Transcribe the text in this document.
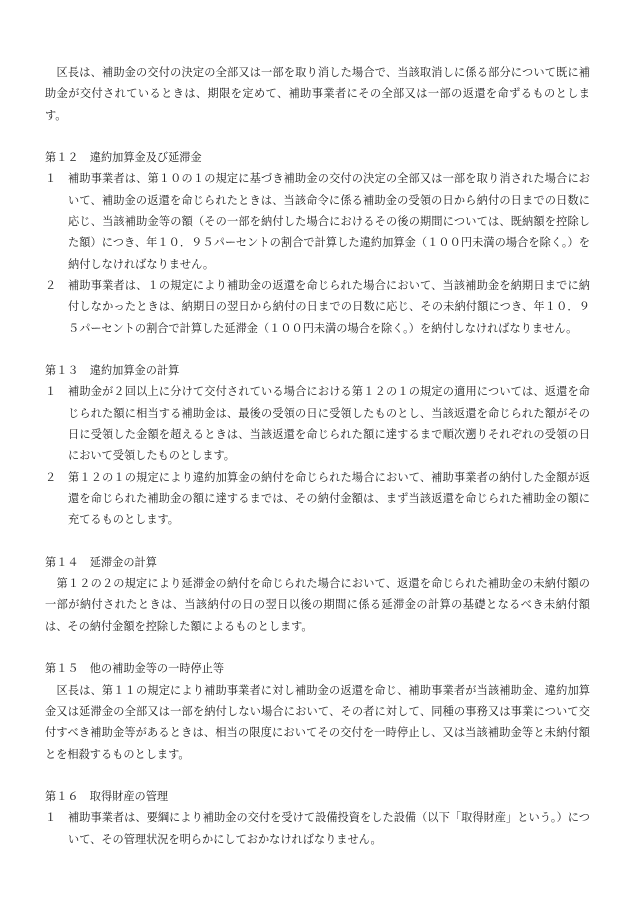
区長は、補助金の交付の決定の全部又は一部を取り消した場合で、当該取消しに係る部分について既に補助金が交付されているときは、期限を定めて、補助事業者にその全部又は一部の返還を命ずるものとします。

第１２　違約加算金及び延滞金

１	補助事業者は、第１０の１の規定に基づき補助金の交付の決定の全部又は一部を取り消された場合において、補助金の返還を命じられたときは、当該命令に係る補助金の受領の日から納付の日までの日数に応じ、当該補助金等の額（その一部を納付した場合におけるその後の期間については、既納額を控除した額）につき、年１０．９５パーセントの割合で計算した違約加算金（１００円未満の場合を除く。）を納付しなければなりません。
２	補助事業者は、１の規定により補助金の返還を命じられた場合において、当該補助金を納期日までに納付しなかったときは、納期日の翌日から納付の日までの日数に応じ、その未納付額につき、年１０．９５パーセントの割合で計算した延滞金（１００円未満の場合を除く。）を納付しなければなりません。

第１３　違約加算金の計算

１	補助金が２回以上に分けて交付されている場合における第１２の１の規定の適用については、返還を命じられた額に相当する補助金は、最後の受領の日に受領したものとし、当該返還を命じられた額がその日に受領した金額を超えるときは、当該返還を命じられた額に達するまで順次遡りそれぞれの受領の日において受領したものとします。
２	第１２の１の規定により違約加算金の納付を命じられた場合において、補助事業者の納付した金額が返還を命じられた補助金の額に達するまでは、その納付金額は、まず当該返還を命じられた補助金の額に充てるものとします。

第１４　延滞金の計算

第１２の２の規定により延滞金の納付を命じられた場合において、返還を命じられた補助金の未納付額の一部が納付されたときは、当該納付の日の翌日以後の期間に係る延滞金の計算の基礎となるべき未納付額は、その納付金額を控除した額によるものとします。

第１５　他の補助金等の一時停止等

区長は、第１１の規定により補助事業者に対し補助金の返還を命じ、補助事業者が当該補助金、違約加算金又は延滞金の全部又は一部を納付しない場合において、その者に対して、同種の事務又は事業について交付すべき補助金等があるときは、相当の限度においてその交付を一時停止し、又は当該補助金等と未納付額とを相殺するものとします。

第１６　取得財産の管理

１	補助事業者は、要綱により補助金の交付を受けて設備投資をした設備（以下「取得財産」という。）について、その管理状況を明らかにしておかなければなりません。
